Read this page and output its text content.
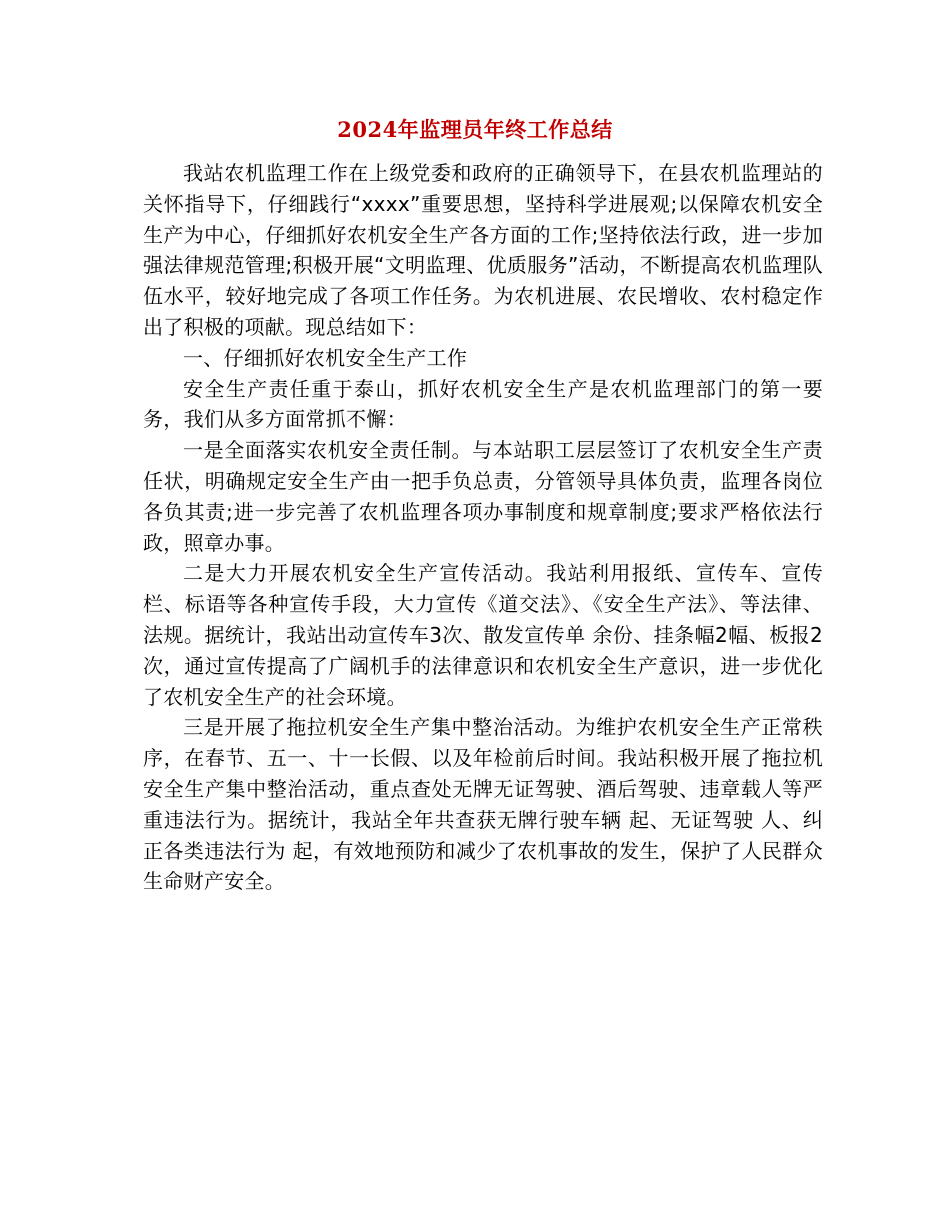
2024年监理员年终工作总结

我站农机监理工作在上级党委和政府的正确领导下，在县农机监理站的关怀指导下，仔细践行“xxxx”重要思想，坚持科学进展观;以保障农机安全生产为中心，仔细抓好农机安全生产各方面的工作;坚持依法行政，进一步加强法律规范管理;积极开展“文明监理、优质服务”活动，不断提高农机监理队伍水平，较好地完成了各项工作任务。为农机进展、农民增收、农村稳定作出了积极的项献。现总结如下：

一、仔细抓好农机安全生产工作

安全生产责任重于泰山，抓好农机安全生产是农机监理部门的第一要务，我们从多方面常抓不懈：

一是全面落实农机安全责任制。与本站职工层层签订了农机安全生产责任状，明确规定安全生产由一把手负总责，分管领导具体负责，监理各岗位各负其责;进一步完善了农机监理各项办事制度和规章制度;要求严格依法行政，照章办事。

二是大力开展农机安全生产宣传活动。我站利用报纸、宣传车、宣传栏、标语等各种宣传手段，大力宣传《道交法》、《安全生产法》、等法律、法规。据统计，我站出动宣传车3次、散发宣传单 余份、挂条幅2幅、板报2次，通过宣传提高了广阔机手的法律意识和农机安全生产意识，进一步优化了农机安全生产的社会环境。

三是开展了拖拉机安全生产集中整治活动。为维护农机安全生产正常秩序，在春节、五一、十一长假、以及年检前后时间。我站积极开展了拖拉机安全生产集中整治活动，重点查处无牌无证驾驶、酒后驾驶、违章载人等严重违法行为。据统计，我站全年共查获无牌行驶车辆 起、无证驾驶 人、纠正各类违法行为 起，有效地预防和减少了农机事故的发生，保护了人民群众生命财产安全。
